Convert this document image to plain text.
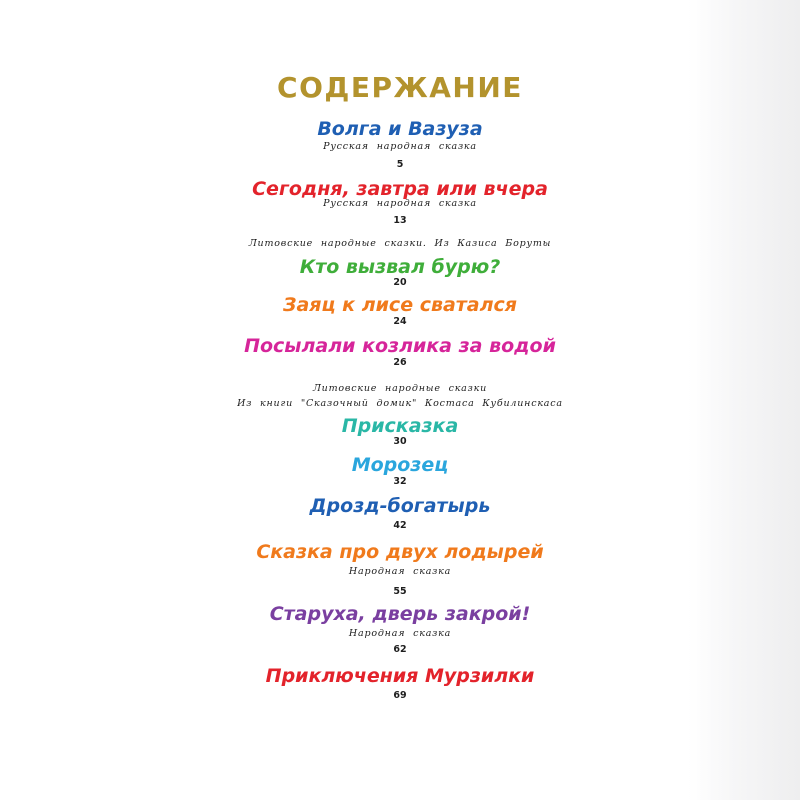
СОДЕРЖАНИЕ
Волга и Вазуза
Русская народная сказка
5
Сегодня, завтра или вчера
Русская народная сказка
13
Литовские народные сказки. Из Казиса Боруты
Кто вызвал бурю?
20
Заяц к лисе сватался
24
Посылали козлика за водой
26
Литовские народные сказки
Из книги "Сказочный домик" Костаса Кубилинскаса
Присказка
30
Морозец
32
Дрозд-богатырь
42
Сказка про двух лодырей
Народная сказка
55
Старуха, дверь закрой!
Народная сказка
62
Приключения Мурзилки
69
